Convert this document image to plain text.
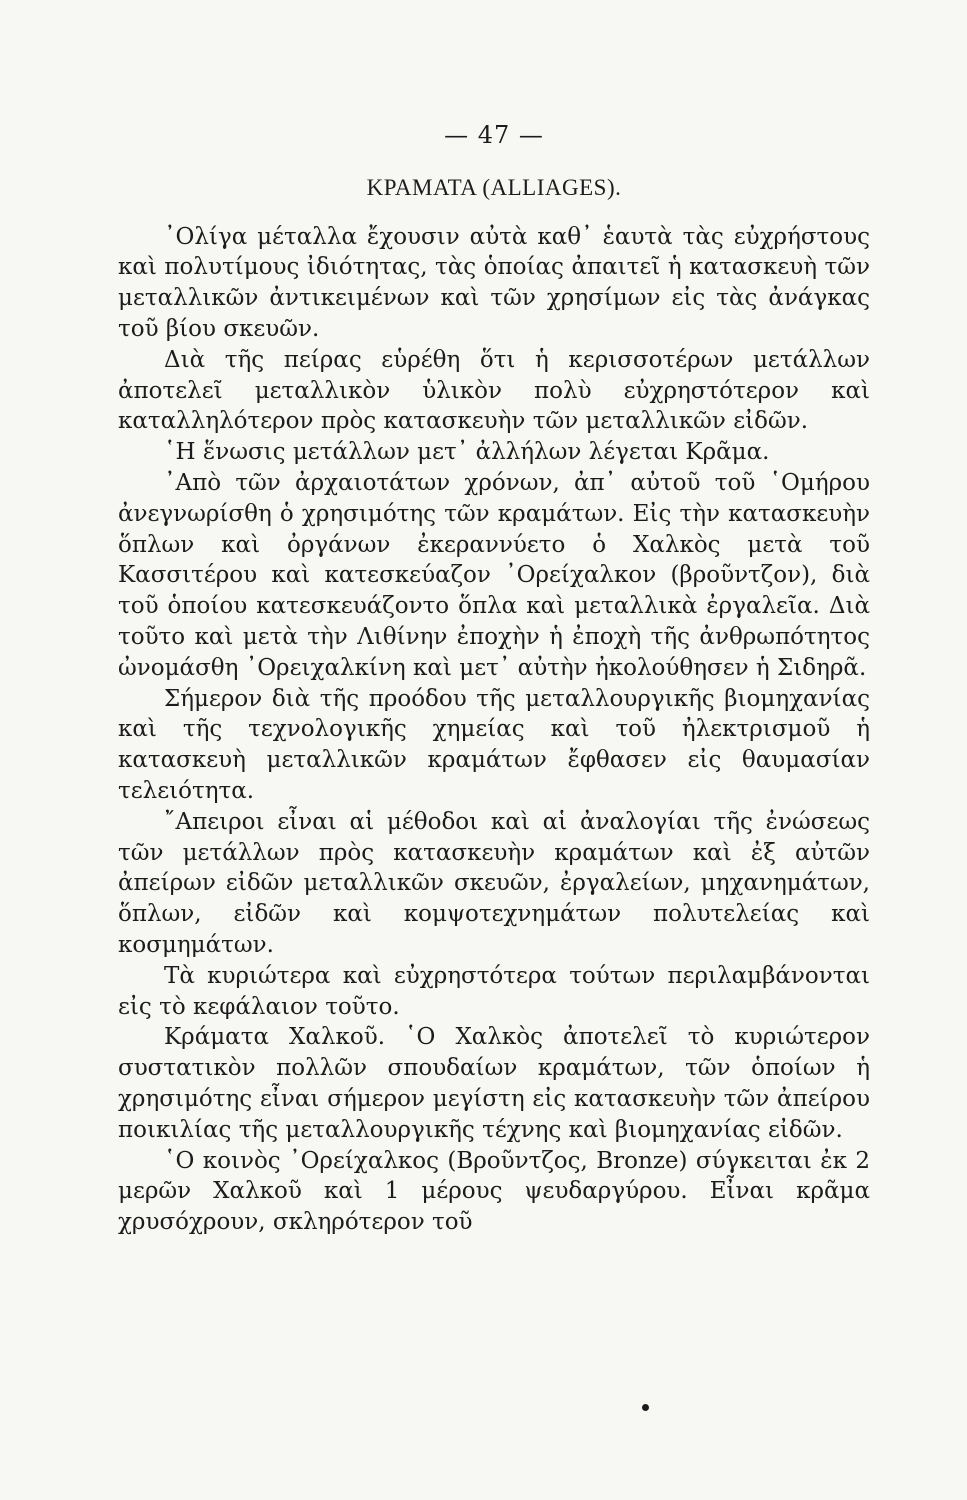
— 47 —
ΚΡΑΜΑΤΑ (ALLIAGES).

᾿Ολίγα μέταλλα ἔχουσιν αὐτὰ καθ᾿ ἑαυτὰ τὰς εὐχρήστους καὶ πολυτίμους ἰδιότητας, τὰς ὁποίας ἀπαιτεῖ ἡ κατασκευὴ τῶν μεταλλικῶν ἀντικειμένων καὶ τῶν χρησίμων εἰς τὰς ἀνάγκας τοῦ βίου σκευῶν.

Διὰ τῆς πείρας εὑρέθη ὅτι ἡ κερισσοτέρων μετάλλων ἀποτελεῖ μεταλλικὸν ὑλικὸν πολὺ εὐχρηστότερον καὶ καταλληλότερον πρὸς κατασκευὴν τῶν μεταλλικῶν εἰδῶν.

῾Η ἕνωσις μετάλλων μετ᾿ ἀλλήλων λέγεται Κρᾶμα.

᾿Απὸ τῶν ἀρχαιοτάτων χρόνων, ἀπ᾿ αὐτοῦ τοῦ ῾Ομήρου ἀνεγνωρίσθη ὁ χρησιμότης τῶν κραμάτων. Εἰς τὴν κατασκευὴν ὅπλων καὶ ὀργάνων ἐκεραννύετο ὁ Χαλκὸς μετὰ τοῦ Κασσιτέρου καὶ κατεσκεύαζον ᾿Ορείχαλκον (βροῦντζον), διὰ τοῦ ὁποίου κατεσκευάζοντο ὅπλα καὶ μεταλλικὰ ἐργαλεῖα. Διὰ τοῦτο καὶ μετὰ τὴν Λιθίνην ἐποχὴν ἡ ἐποχὴ τῆς ἀνθρωπότητος ὠνομάσθη ᾿Ορειχαλκίνη καὶ μετ᾿ αὐτὴν ἠκολούθησεν ἡ Σιδηρᾶ.

Σήμερον διὰ τῆς προόδου τῆς μεταλλουργικῆς βιομηχανίας καὶ τῆς τεχνολογικῆς χημείας καὶ τοῦ ἠλεκτρισμοῦ ἡ κατασκευὴ μεταλλικῶν κραμάτων ἔφθασεν εἰς θαυμασίαν τελειότητα.

῎Απειροι εἶναι αἱ μέθοδοι καὶ αἱ ἀναλογίαι τῆς ἐνώσεως τῶν μετάλλων πρὸς κατασκευὴν κραμάτων καὶ ἐξ αὐτῶν ἀπείρων εἰδῶν μεταλλικῶν σκευῶν, ἐργαλείων, μηχανημάτων, ὅπλων, εἰδῶν καὶ κομψοτεχνημάτων πολυτελείας καὶ κοσμημάτων.

Τὰ κυριώτερα καὶ εὐχρηστότερα τούτων περιλαμβάνονται εἰς τὸ κεφάλαιον τοῦτο.

Κράματα Χαλκοῦ. ῾Ο Χαλκὸς ἀποτελεῖ τὸ κυριώτερον συστατικὸν πολλῶν σπουδαίων κραμάτων, τῶν ὁποίων ἡ χρησιμότης εἶναι σήμερον μεγίστη εἰς κατασκευὴν τῶν ἀπείρου ποικιλίας τῆς μεταλλουργικῆς τέχνης καὶ βιομηχανίας εἰδῶν.

῾Ο κοινὸς ᾿Ορείχαλκος (Βροῦντζος, Bronze) σύγκειται ἐκ 2 μερῶν Χαλκοῦ καὶ 1 μέρους ψευδαργύρου. Εἶναι κρᾶμα χρυσόχρουν, σκληρότερον τοῦ
